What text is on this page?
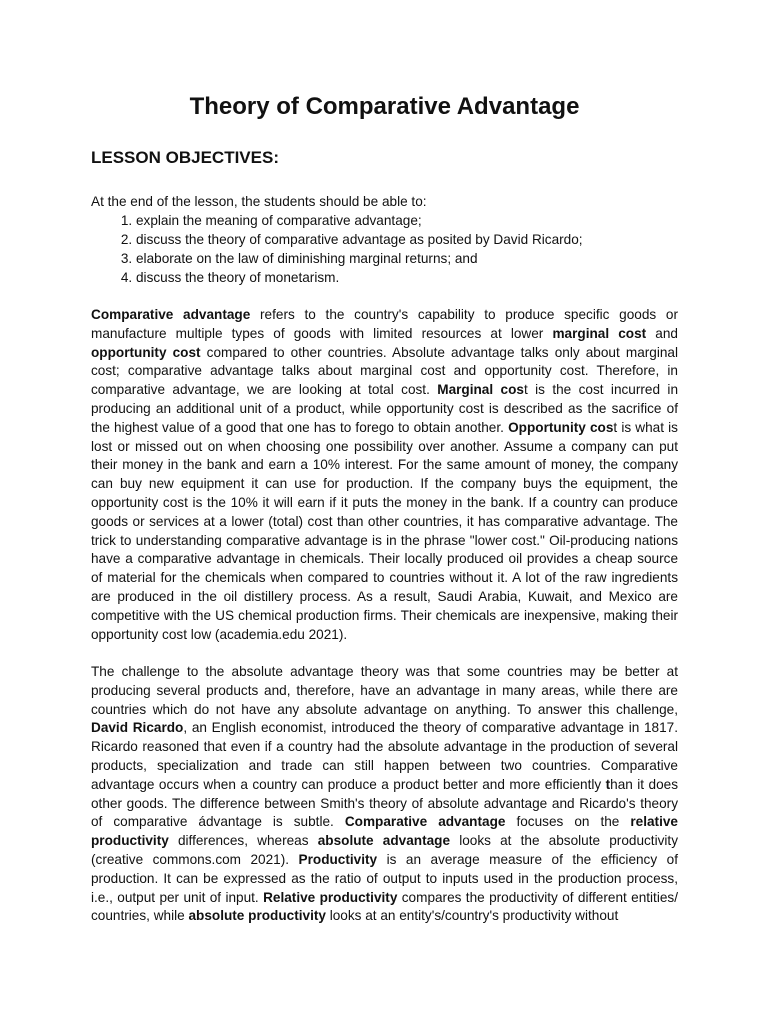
Theory of Comparative Advantage
LESSON OBJECTIVES:

At the end of the lesson, the students should be able to:

1. explain the meaning of comparative advantage;
2. discuss the theory of comparative advantage as posited by David Ricardo;
3. elaborate on the law of diminishing marginal returns; and
4. discuss the theory of monetarism.

Comparative advantage refers to the country's capability to produce specific goods or manufacture multiple types of goods with limited resources at lower marginal cost and opportunity cost compared to other countries. Absolute advantage talks only about marginal cost; comparative advantage talks about marginal cost and opportunity cost. Therefore, in comparative advantage, we are looking at total cost. Marginal cost is the cost incurred in producing an additional unit of a product, while opportunity cost is described as the sacrifice of the highest value of a good that one has to forego to obtain another. Opportunity cost is what is lost or missed out on when choosing one possibility over another. Assume a company can put their money in the bank and earn a 10% interest. For the same amount of money, the company can buy new equipment it can use for production. If the company buys the equipment, the opportunity cost is the 10% it will earn if it puts the money in the bank. If a country can produce goods or services at a lower (total) cost than other countries, it has comparative advantage. The trick to understanding comparative advantage is in the phrase "lower cost." Oil-producing nations have a comparative advantage in chemicals. Their locally produced oil provides a cheap source of material for the chemicals when compared to countries without it. A lot of the raw ingredients are produced in the oil distillery process. As a result, Saudi Arabia, Kuwait, and Mexico are competitive with the US chemical production firms. Their chemicals are inexpensive, making their opportunity cost low (academia.edu 2021).

The challenge to the absolute advantage theory was that some countries may be better at producing several products and, therefore, have an advantage in many areas, while there are countries which do not have any absolute advantage on anything. To answer this challenge, David Ricardo, an English economist, introduced the theory of comparative advantage in 1817. Ricardo reasoned that even if a country had the absolute advantage in the production of several products, specialization and trade can still happen between two countries. Comparative advantage occurs when a country can produce a product better and more efficiently than it does other goods. The difference between Smith's theory of absolute advantage and Ricardo's theory of comparative ádvantage is subtle. Comparative advantage focuses on the relative productivity differences, whereas absolute advantage looks at the absolute productivity (creative commons.com 2021). Productivity is an average measure of the efficiency of production. It can be expressed as the ratio of output to inputs used in the production process, i.e., output per unit of input. Relative productivity compares the productivity of different entities/ countries, while absolute productivity looks at an entity's/country's productivity without
